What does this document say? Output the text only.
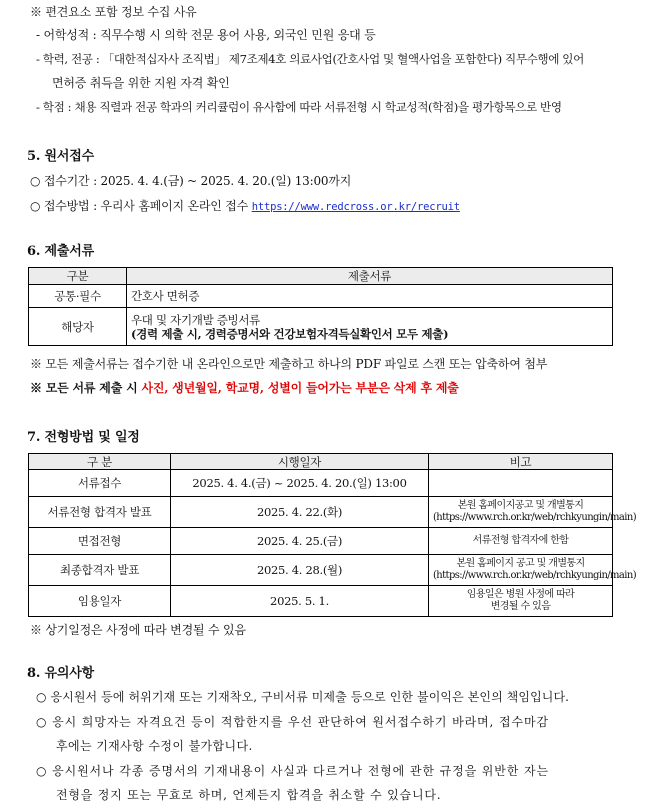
※ 편견요소 포함 정보 수집 사유
- 어학성적 : 직무수행 시 의학 전문 용어 사용, 외국인 민원 응대 등
- 학력, 전공 : 「대한적십자사 조직법」 제7조제4호 의료사업(간호사업 및 혈액사업을 포함한다) 직무수행에 있어
면허증 취득을 위한 지원 자격 확인
- 학점 : 채용 직렬과 전공 학과의 커리큘럼이 유사함에 따라 서류전형 시 학교성적(학점)을 평가항목으로 반영
5. 원서접수
○ 접수기간 : 2025. 4. 4.(금) ~ 2025. 4. 20.(일) 13:00까지
○ 접수방법 : 우리사 홈페이지 온라인 접수 https://www.redcross.or.kr/recruit
6. 제출서류
구분	제출서류
공통·필수	간호사 면허증
해당자	우대 및 자기개발 증빙서류
(경력 제출 시, 경력증명서와 건강보험자격득실확인서 모두 제출)
※ 모든 제출서류는 접수기한 내 온라인으로만 제출하고 하나의 PDF 파일로 스캔 또는 압축하여 첨부
※ 모든 서류 제출 시 사진, 생년월일, 학교명, 성별이 들어가는 부분은 삭제 후 제출
7. 전형방법 및 일정
구 분	시행일자	비고
서류접수	2025. 4. 4.(금) ~ 2025. 4. 20.(일) 13:00	

서류전형 합격자 발표	2025. 4. 22.(화)	본원 홈페이지공고 및 개별통지
(https://www.rch.or.kr/web/rchkyungin/main)

면접전형	2025. 4. 25.(금)	서류전형 합격자에 한함

최종합격자 발표	2025. 4. 28.(월)	본원 홈페이지 공고 및 개별통지
(https://www.rch.or.kr/web/rchkyungin/main)

임용일자	2025. 5. 1.	임용일은 병원 사정에 따라
변경될 수 있음
※ 상기일정은 사정에 따라 변경될 수 있음
8. 유의사항
○ 응시원서 등에 허위기재 또는 기재착오, 구비서류 미제출 등으로 인한 불이익은 본인의 책임입니다.
○ 응시 희망자는 자격요건 등이 적합한지를 우선 판단하여 원서접수하기 바라며, 접수마감
후에는 기재사항 수정이 불가합니다.
○ 응시원서나 각종 증명서의 기재내용이 사실과 다르거나 전형에 관한 규정을 위반한 자는
전형을 정지 또는 무효로 하며, 언제든지 합격을 취소할 수 있습니다.
